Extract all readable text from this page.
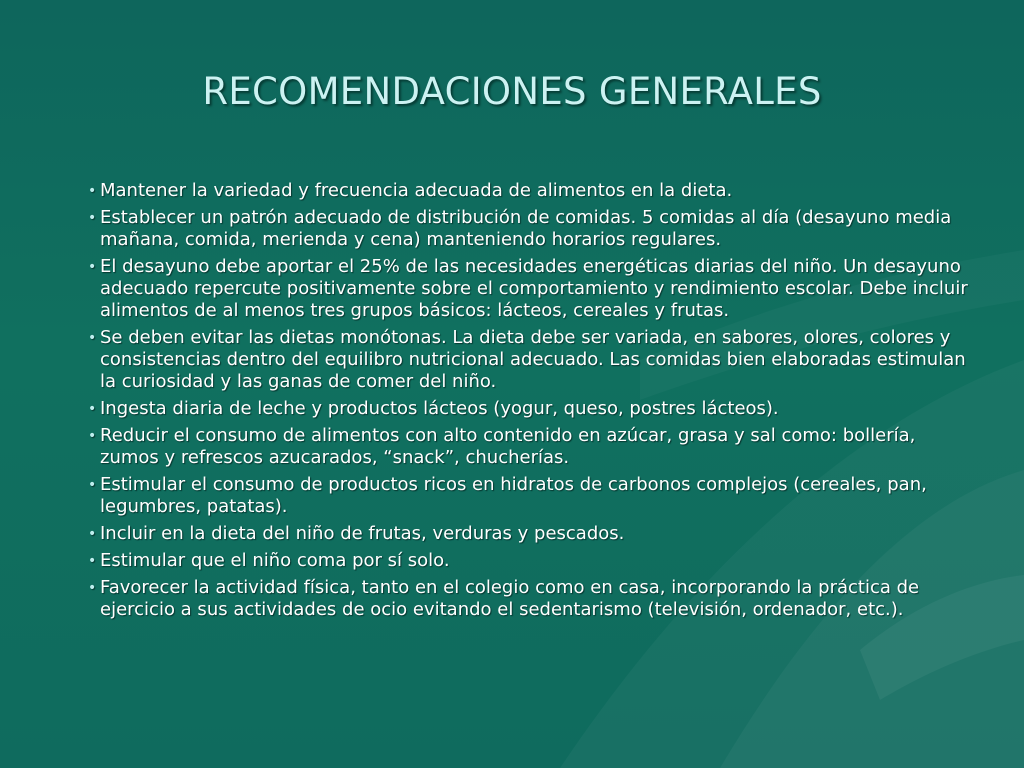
RECOMENDACIONES GENERALES
• Mantener la variedad y frecuencia adecuada de alimentos en la dieta.
• Establecer un patrón adecuado de distribución de comidas. 5 comidas al día (desayuno media mañana, comida, merienda y cena) manteniendo horarios regulares.
• El desayuno debe aportar el 25% de las necesidades energéticas diarias del niño. Un desayuno adecuado repercute positivamente sobre el comportamiento y rendimiento escolar. Debe incluir alimentos de al menos tres grupos básicos: lácteos, cereales y frutas.
• Se deben evitar las dietas monótonas. La dieta debe ser variada, en sabores, olores, colores y consistencias dentro del equilibro nutricional adecuado. Las comidas bien elaboradas estimulan la curiosidad y las ganas de comer del niño.
• Ingesta diaria de leche y productos lácteos (yogur, queso, postres lácteos).
• Reducir el consumo de alimentos con alto contenido en azúcar, grasa y sal como: bollería, zumos y refrescos azucarados, “snack”, chucherías.
• Estimular el consumo de productos ricos en hidratos de carbonos complejos (cereales, pan, legumbres, patatas).
• Incluir en la dieta del niño de frutas, verduras y pescados.
• Estimular que el niño coma por sí solo.
• Favorecer la actividad física, tanto en el colegio como en casa, incorporando la práctica de ejercicio a sus actividades de ocio evitando el sedentarismo (televisión, ordenador, etc.).
